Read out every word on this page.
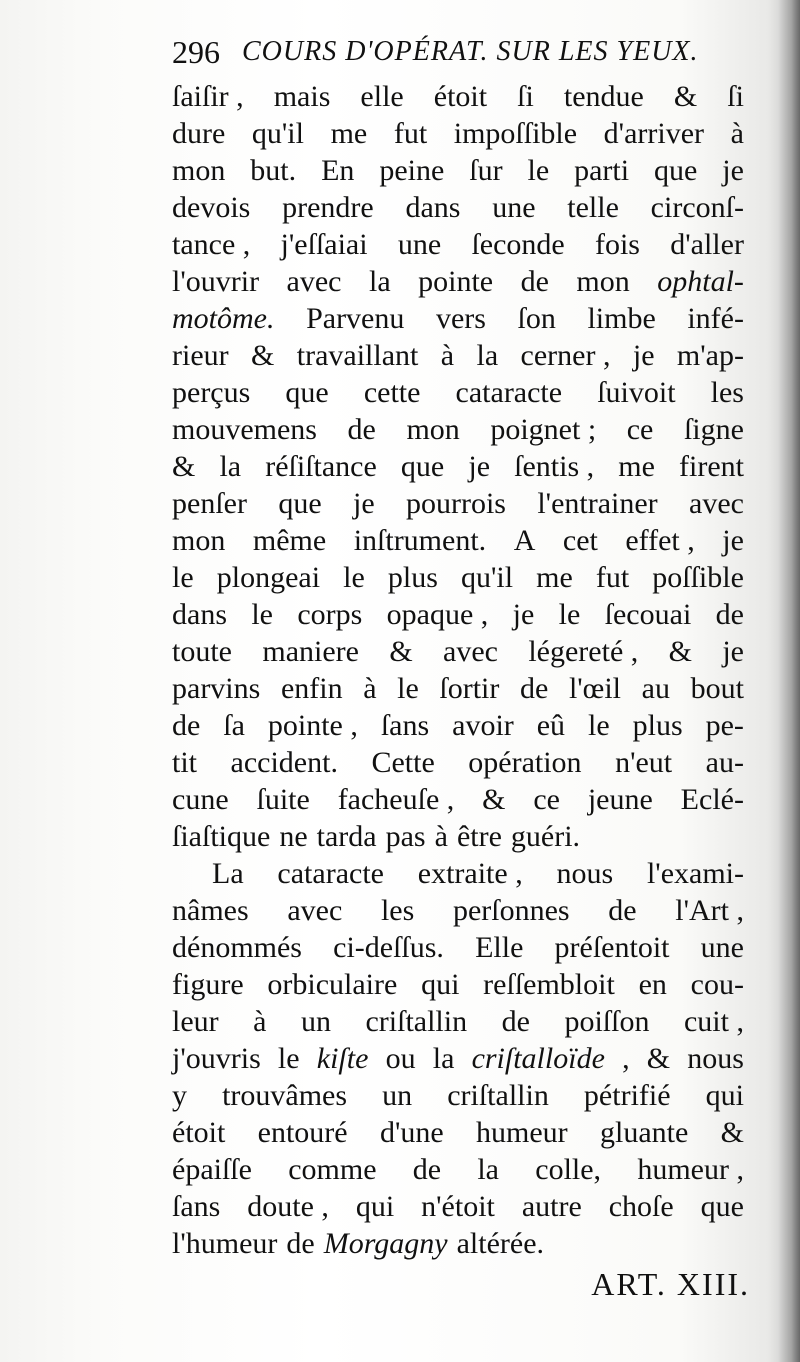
296 COURS D'OPÉRAT. SUR LES YEUX.
ſaiſir , mais elle étoit ſi tendue & ſi
dure qu'il me fut impoſſible d'arriver à
mon but. En peine ſur le parti que je
devois prendre dans une telle circonſ-
tance , j'eſſaiai une ſeconde fois d'aller
l'ouvrir avec la pointe de mon ophtal-
motôme. Parvenu vers ſon limbe infé-
rieur & travaillant à la cerner , je m'ap-
perçus que cette cataracte ſuivoit les
mouvemens de mon poignet ; ce ſigne
& la réſiſtance que je ſentis , me firent
penſer que je pourrois l'entrainer avec
mon même inſtrument. A cet effet , je
le plongeai le plus qu'il me fut poſſible
dans le corps opaque , je le ſecouai de
toute maniere & avec légereté , & je
parvins enfin à le ſortir de l'œil au bout
de ſa pointe , ſans avoir eû le plus pe-
tit accident. Cette opération n'eut au-
cune ſuite facheuſe , & ce jeune Eclé-
ſiaſtique ne tarda pas à être guéri.
La cataracte extraite , nous l'exami-
nâmes avec les perſonnes de l'Art ,
dénommés ci-deſſus. Elle préſentoit une
figure orbiculaire qui reſſembloit en cou-
leur à un criſtallin de poiſſon cuit ,
j'ouvris le kiſte ou la criſtalloïde , & nous
y trouvâmes un criſtallin pétrifié qui
étoit entouré d'une humeur gluante &
épaiſſe comme de la colle, humeur ,
ſans doute , qui n'étoit autre choſe que
l'humeur de Morgagny altérée.
ART. XIII.
